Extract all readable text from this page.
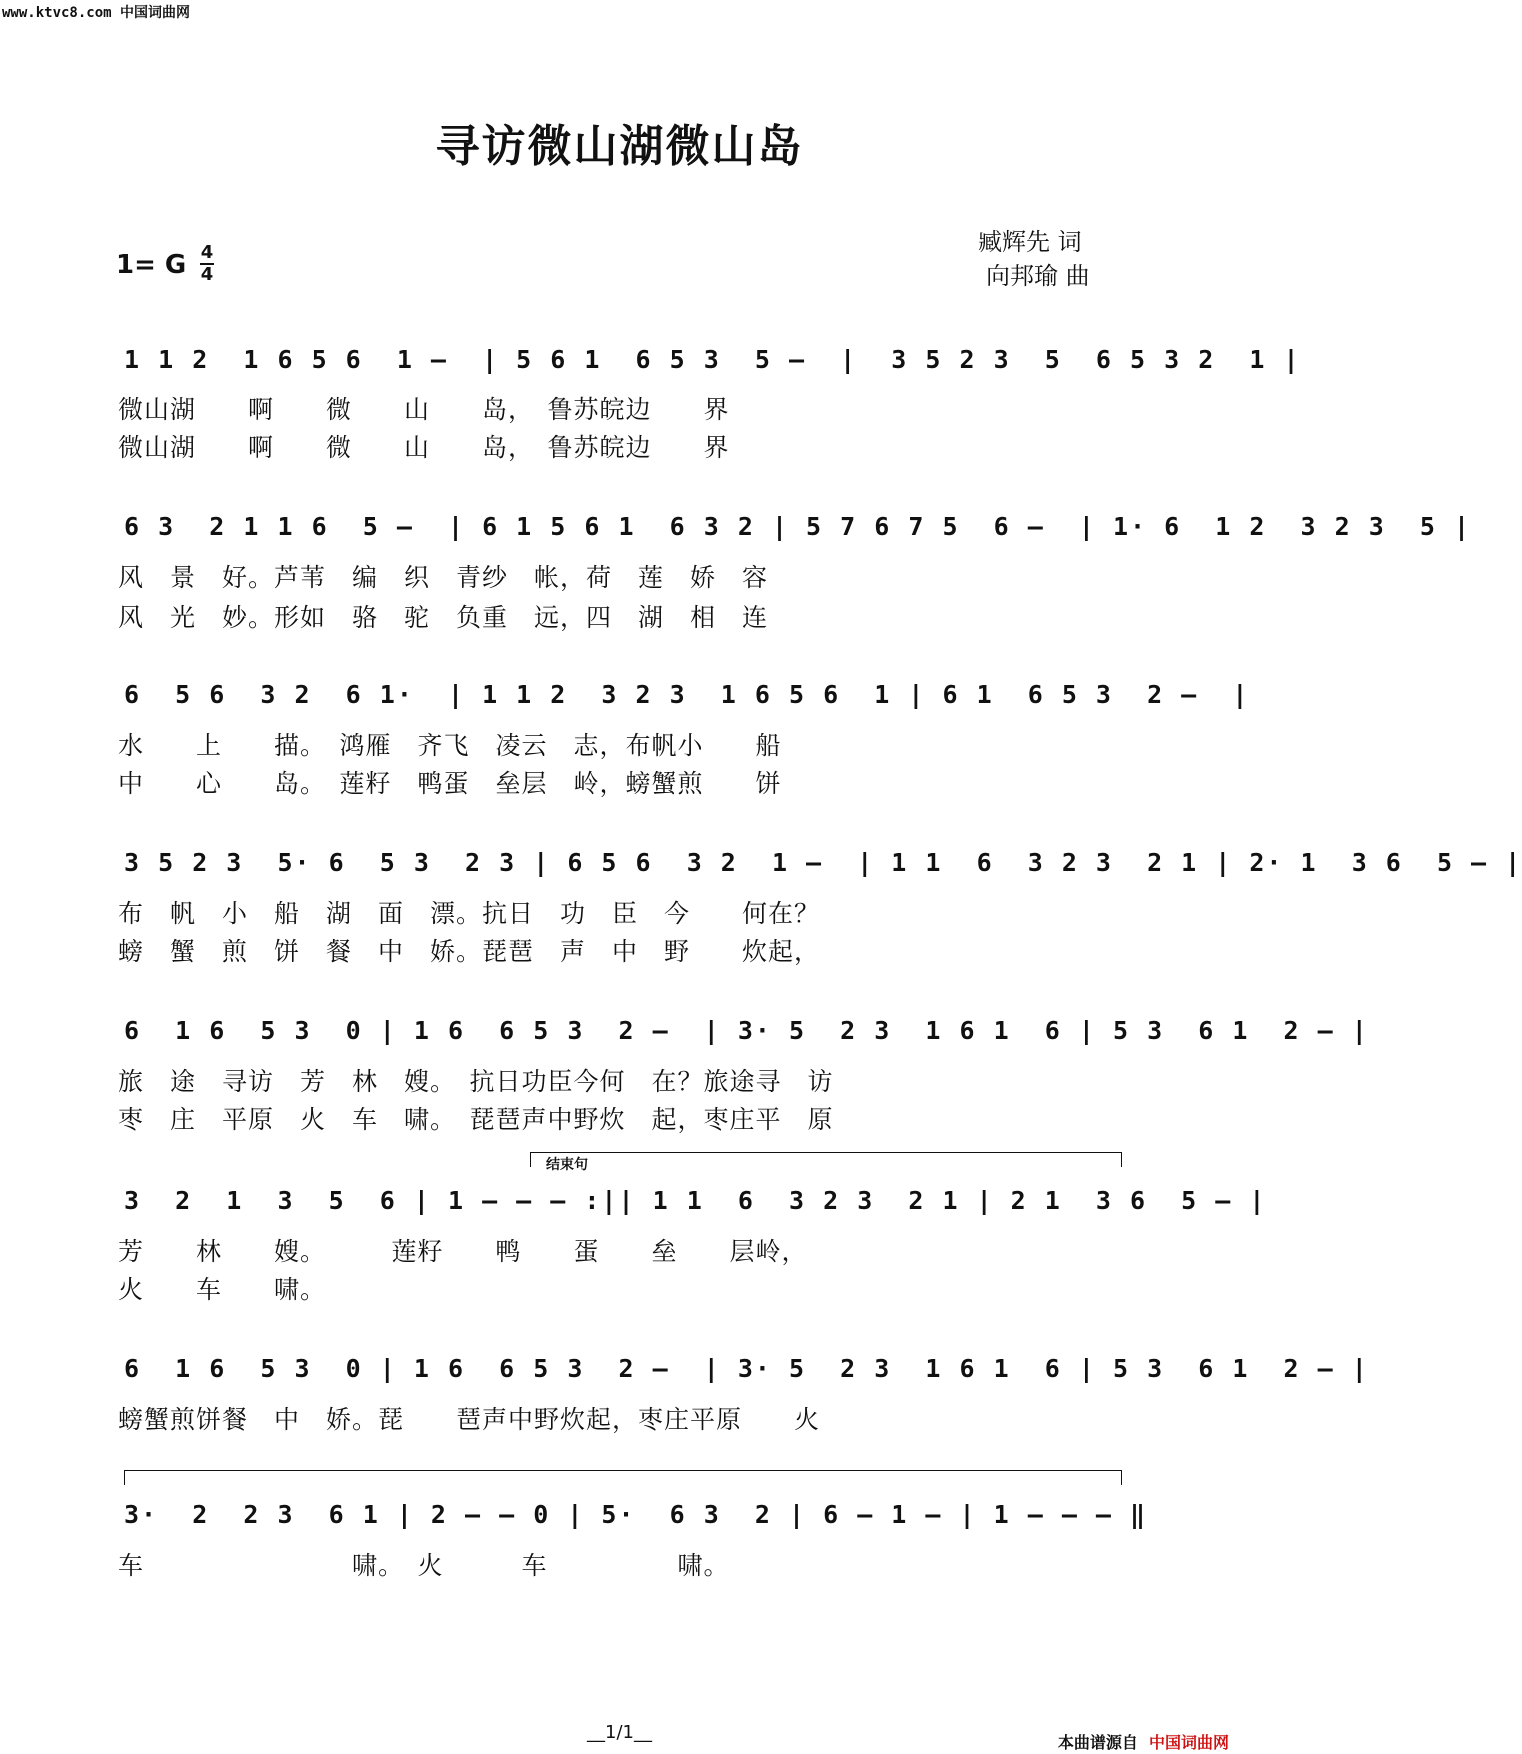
www.ktvc8.com 中国词曲网
寻访微山湖微山岛
臧辉先 词
向邦瑜 曲
1= G 4
4
1 1 2  1 6 5 6  1 –  | 5 6 1  6 5 3  5 –  |  3 5 2 3  5  6 5 3 2  1 |
微山湖　　啊　　微　　山　　岛，　鲁苏皖边　　界
微山湖　　啊　　微　　山　　岛，　鲁苏皖边　　界
6 3  2 1 1 6  5 –  | 6 1 5 6 1  6 3 2 | 5 7 6 7 5  6 –  | 1· 6  1 2  3 2 3  5 |
风　景　好。芦苇　编　织　青纱　帐，荷　莲　娇　容
风　光　妙。形如　骆　驼　负重　远，四　湖　相　连
6  5 6  3 2  6 1·  | 1 1 2  3 2 3  1 6 5 6  1 | 6 1  6 5 3  2 –  |
水　　上　　描。　鸿雁　齐飞　凌云　志，布帆小　　船
中　　心　　岛。　莲籽　鸭蛋　垒层　岭，螃蟹煎　　饼
3 5 2 3  5· 6  5 3  2 3 | 6 5 6  3 2  1 –  | 1 1  6  3 2 3  2 1 | 2· 1  3 6  5 – |
布　帆　小　船　湖　面　漂。抗日　功　臣　今　　何在？
螃　蟹　煎　饼　餐　中　娇。琵琶　声　中　野　　炊起，
6  1 6  5 3  0 | 1 6  6 5 3  2 –  | 3· 5  2 3  1 6 1  6 | 5 3  6 1  2 – |
旅　途　寻访　芳　林　嫂。　抗日功臣今何　在？旅途寻　访
枣　庄　平原　火　车　啸。　琵琶声中野炊　起，枣庄平　原
结束句
3  2  1  3  5  6 | 1 – – – :|| 1 1  6  3 2 3  2 1 | 2 1  3 6  5 – |
芳　　林　　嫂。　　　莲籽　　鸭　　蛋　　垒　　层岭，
火　　车　　啸。
6  1 6  5 3  0 | 1 6  6 5 3  2 –  | 3· 5  2 3  1 6 1  6 | 5 3  6 1  2 – |
螃蟹煎饼餐　中　娇。琵　　琶声中野炊起，枣庄平原　　火
3·  2  2 3  6 1 | 2 – – 0 | 5·  6 3  2 | 6 – 1 – | 1 – – – ‖
车　　　　　　　　啸。　火　　　车　　　　　啸。
__1/1__	本曲谱源自 中国词曲网
